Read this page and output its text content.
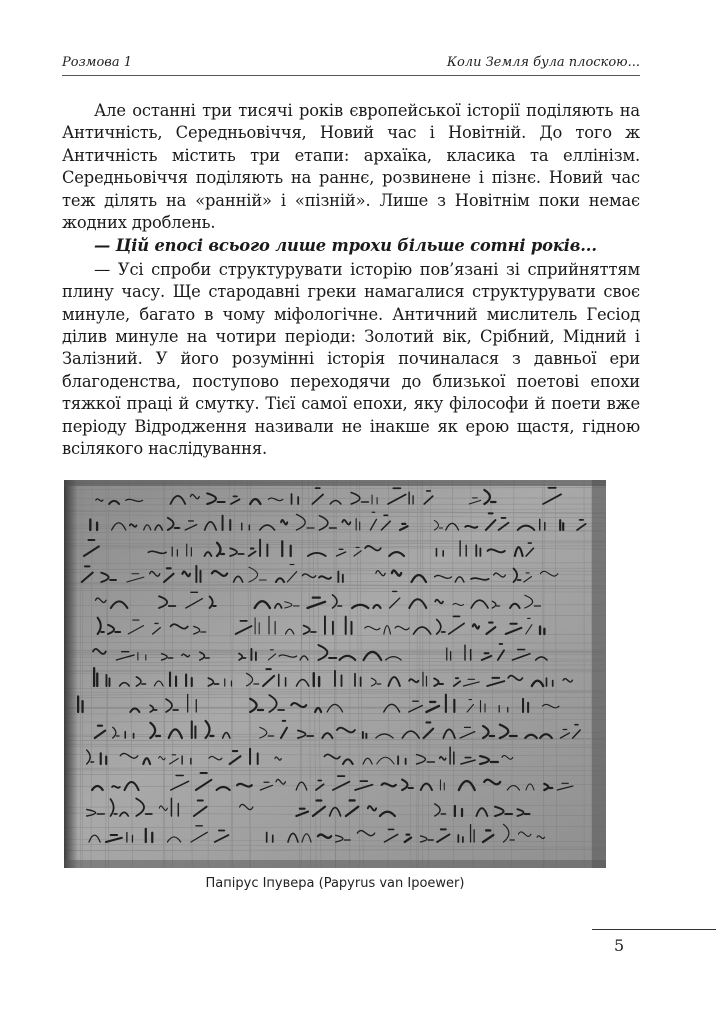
Розмова 1	Коли Земля була плоскою...

Але останні три тисячі років європейської історії поділяють на Античність, Середньовіччя, Новий час і Новітній. До того ж Античність містить три етапи: архаїка, класика та еллінізм. Середньовіччя поділяють на раннє, розвинене і пізнє. Новий час теж ділять на «ранній» і «пізній». Лише з Новітнім поки немає жодних дроблень.

— Цій епосі всього лише трохи більше сотні років...

— Усі спроби структурувати історію пов’язані зі сприйняттям плину часу. Ще стародавні греки намагалися структурувати своє минуле, багато в чому міфологічне. Античний мислитель Гесіод ділив минуле на чотири періоди: Золотий вік, Срібний, Мідний і Залізний. У його розумінні історія починалася з давньої ери благоденства, поступово переходячи до близької поетові епохи тяжкої праці й смутку. Тієї самої епохи, яку філософи й поети вже періоду Відродження називали не інакше як ерою щастя, гідною всілякого наслідування.

Папірус Іпувера (Papyrus van Ipoewer)
5
